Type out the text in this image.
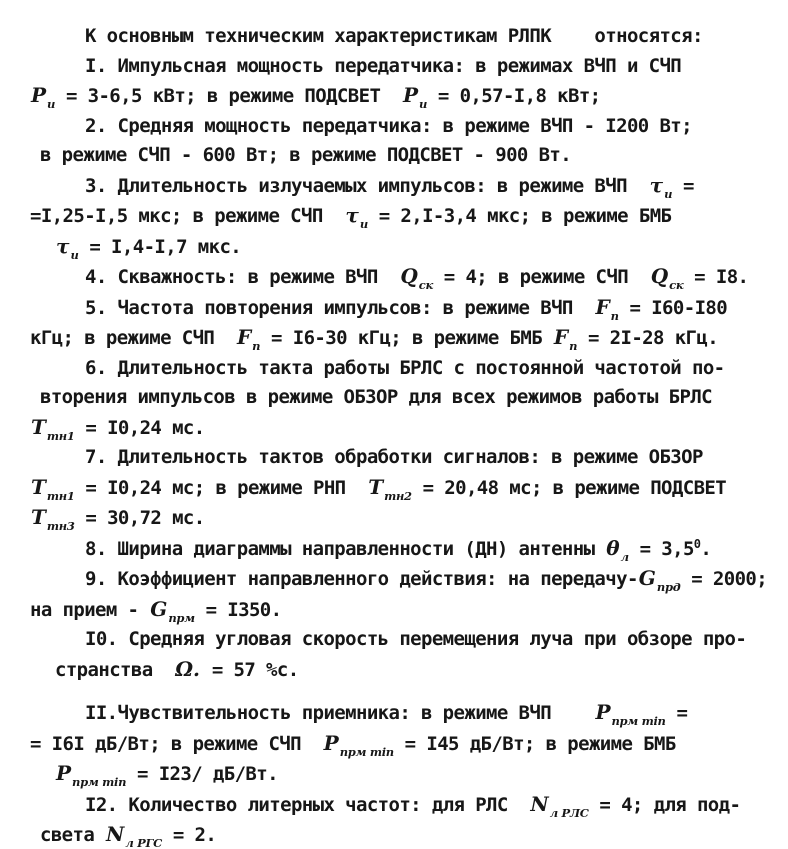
К основным техническим характеристикам РЛПК    относятся:
I. Импульсная мощность передатчика: в режимах ВЧП и СЧП
$P_и = 3-6,5$ кВт; в режиме ПОДСВЕТ  $P_и = 0,57-I,8$ кВт;
2. Средняя мощность передатчика: в режиме ВЧП - I200 Вт;
в режиме СЧП - 600 Вт; в режиме ПОДСВЕТ - 900 Вт.
3. Длительность излучаемых импульсов: в режиме ВЧП  $\tau_и$ =
=I,25-I,5 мкс; в режиме СЧП  $\tau_и = 2,I-3,4$ мкс; в режиме БМБ
$\tau_и = I,4-I,7$ мкс.
4. Скважность: в режиме ВЧП  $Q_{ск} = 4$; в режиме СЧП  $Q_{ск} = I8$.
5. Частота повторения импульсов: в режиме ВЧП  $F_п = I60-I80$
кГц; в режиме СЧП  $F_п = I6-30$ кГц; в режиме БМБ $F_п = 2I-28$ кГц.
6. Длительность такта работы БРЛС с постоянной частотой по-
вторения импульсов в режиме ОБЗОР для всех режимов работы БРЛС
$T_{тн1} = I0,24$ мс.
7. Длительность тактов обработки сигналов: в режиме ОБЗОР
$T_{тн1} = I0,24$ мс; в режиме РНП  $T_{тн2} = 20,48$ мс; в режиме ПОДСВЕТ
$T_{тн3} = 30,72$ мс.
8. Ширина диаграммы направленности (ДН) антенны $\theta_л = 3,5^0$.
9. Коэффициент направленного действия: на передачу-$G_{прд} = 2000$;
на прием - $G_{прм} = I350$.
I0. Средняя угловая скорость перемещения луча при обзоре про-
странства  Ω. = 57 %с.
II.Чувствительность приемника: в режиме ВЧП    $P_{прм min}$ =
= I6I дБ/Вт; в режиме СЧП  $P_{прм min} = I45$ дБ/Вт; в режиме БМБ
$P_{прм min} = I23/$ дБ/Вт.
I2. Количество литерных частот: для РЛС  $N_{л РЛС} = 4$; для под-
света $N_{л РГС} = 2$.
